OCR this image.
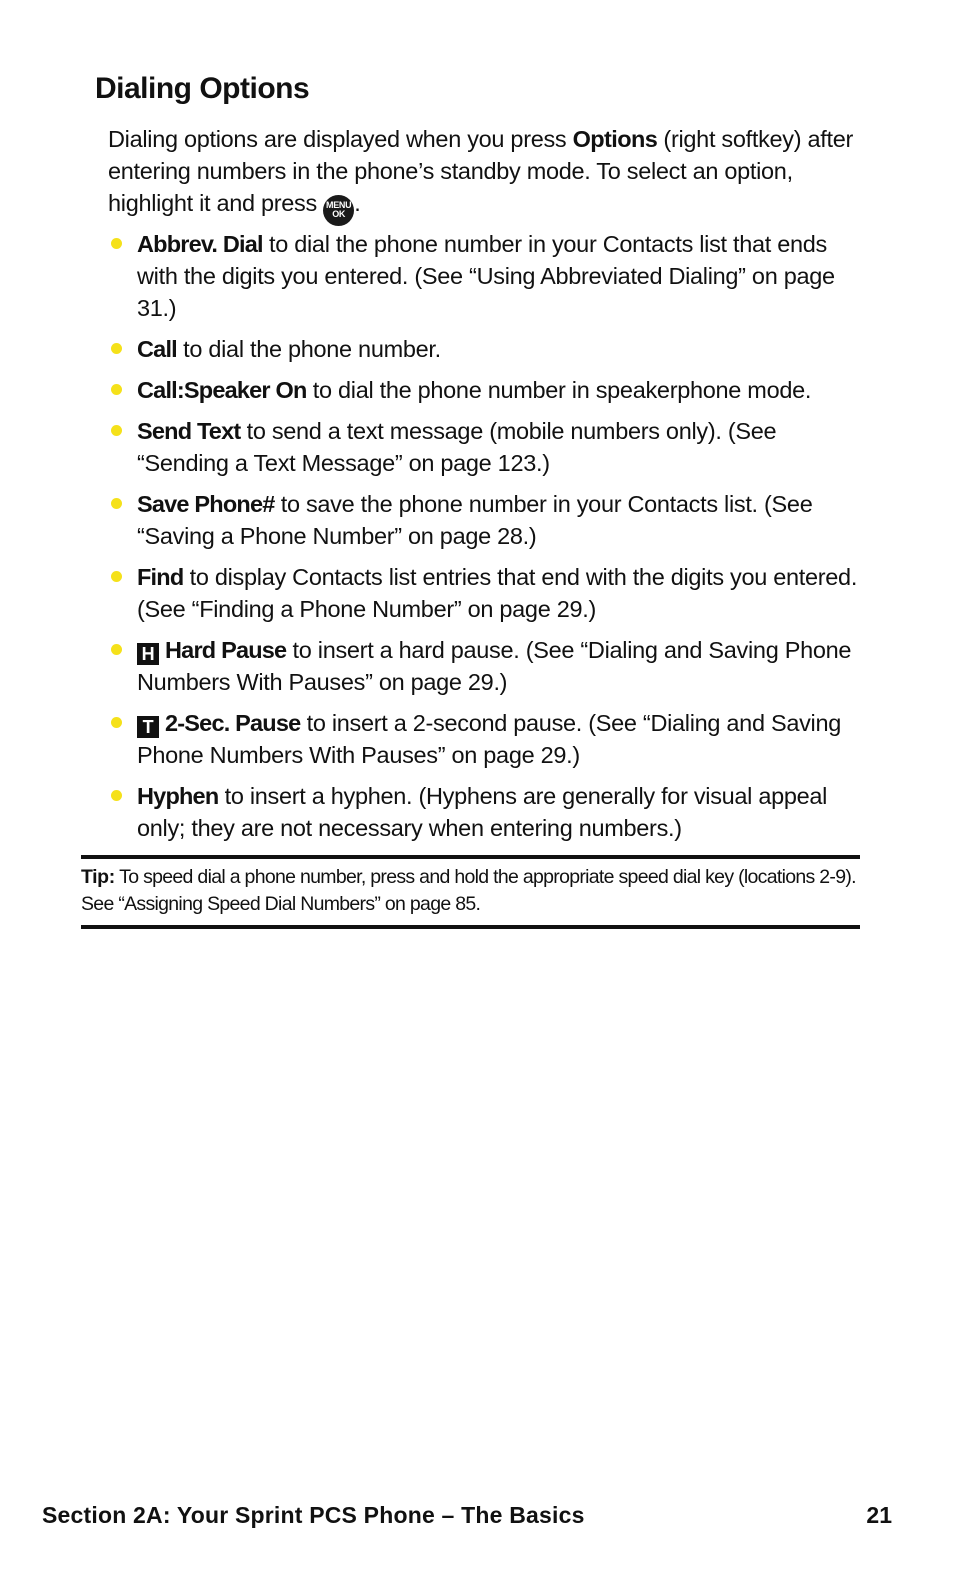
Dialing Options

Dialing options are displayed when you press Options (right softkey) after entering numbers in the phone’s standby mode. To select an option, highlight it and press MENU
OK .

Abbrev. Dial to dial the phone number in your Contacts list that ends with the digits you entered. (See “Using Abbreviated Dialing” on page 31.)
Call to dial the phone number.
Call:Speaker On to dial the phone number in speakerphone mode.
Send Text to send a text message (mobile numbers only). (See “Sending a Text Message” on page 123.)
Save Phone# to save the phone number in your Contacts list. (See “Saving a Phone Number” on page 28.)
Find to display Contacts list entries that end with the digits you entered. (See “Finding a Phone Number” on page 29.)
H Hard Pause to insert a hard pause. (See “Dialing and Saving Phone Numbers With Pauses” on page 29.)
T 2-Sec. Pause to insert a 2-second pause. (See “Dialing and Saving Phone Numbers With Pauses” on page 29.)
Hyphen to insert a hyphen. (Hyphens are generally for visual appeal only; they are not necessary when entering numbers.)
Tip: To speed dial a phone number, press and hold the appropriate speed dial key (locations 2-9). See “Assigning Speed Dial Numbers” on page 85.
Section 2A: Your Sprint PCS Phone – The Basics	21
